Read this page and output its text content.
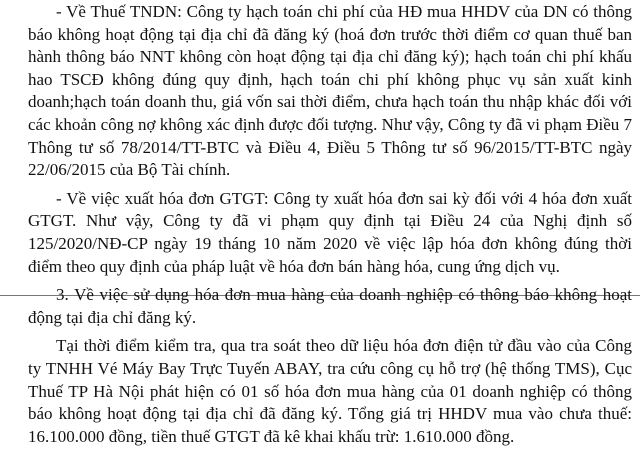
- Về Thuế TNDN: Công ty hạch toán chi phí của HĐ mua HHDV của DN có thông báo không hoạt động tại địa chỉ đã đăng ký (hoá đơn trước thời điểm cơ quan thuế ban hành thông báo NNT không còn hoạt động tại địa chỉ đăng ký); hạch toán chi phí khấu hao TSCĐ không đúng quy định, hạch toán chi phí không phục vụ sản xuất kinh doanh;hạch toán doanh thu, giá vốn sai thời điểm, chưa hạch toán thu nhập khác đối với các khoản công nợ không xác định được đối tượng. Như vậy, Công ty đã vi phạm Điều 7 Thông tư số 78/2014/TT-BTC và Điều 4, Điều 5 Thông tư số 96/2015/TT-BTC ngày 22/06/2015 của Bộ Tài chính.

- Về việc xuất hóa đơn GTGT: Công ty xuất hóa đơn sai kỳ đối với 4 hóa đơn xuất GTGT. Như vậy, Công ty đã vi phạm quy định tại Điều 24 của Nghị định số 125/2020/NĐ-CP ngày 19 tháng 10 năm 2020 về việc lập hóa đơn không đúng thời điểm theo quy định của pháp luật về hóa đơn bán hàng hóa, cung ứng dịch vụ.

3. Về việc sử dụng hóa đơn mua hàng của doanh nghiệp có thông báo không hoạt động tại địa chỉ đăng ký.

Tại thời điểm kiểm tra, qua tra soát theo dữ liệu hóa đơn điện tử đầu vào của Công ty TNHH Vé Máy Bay Trực Tuyến ABAY, tra cứu công cụ hỗ trợ (hệ thống TMS), Cục Thuế TP Hà Nội phát hiện có 01 số hóa đơn mua hàng của 01 doanh nghiệp có thông báo không hoạt động tại địa chỉ đã đăng ký. Tổng giá trị HHDV mua vào chưa thuế: 16.100.000 đồng, tiền thuế GTGT đã kê khai khấu trừ: 1.610.000 đồng.
